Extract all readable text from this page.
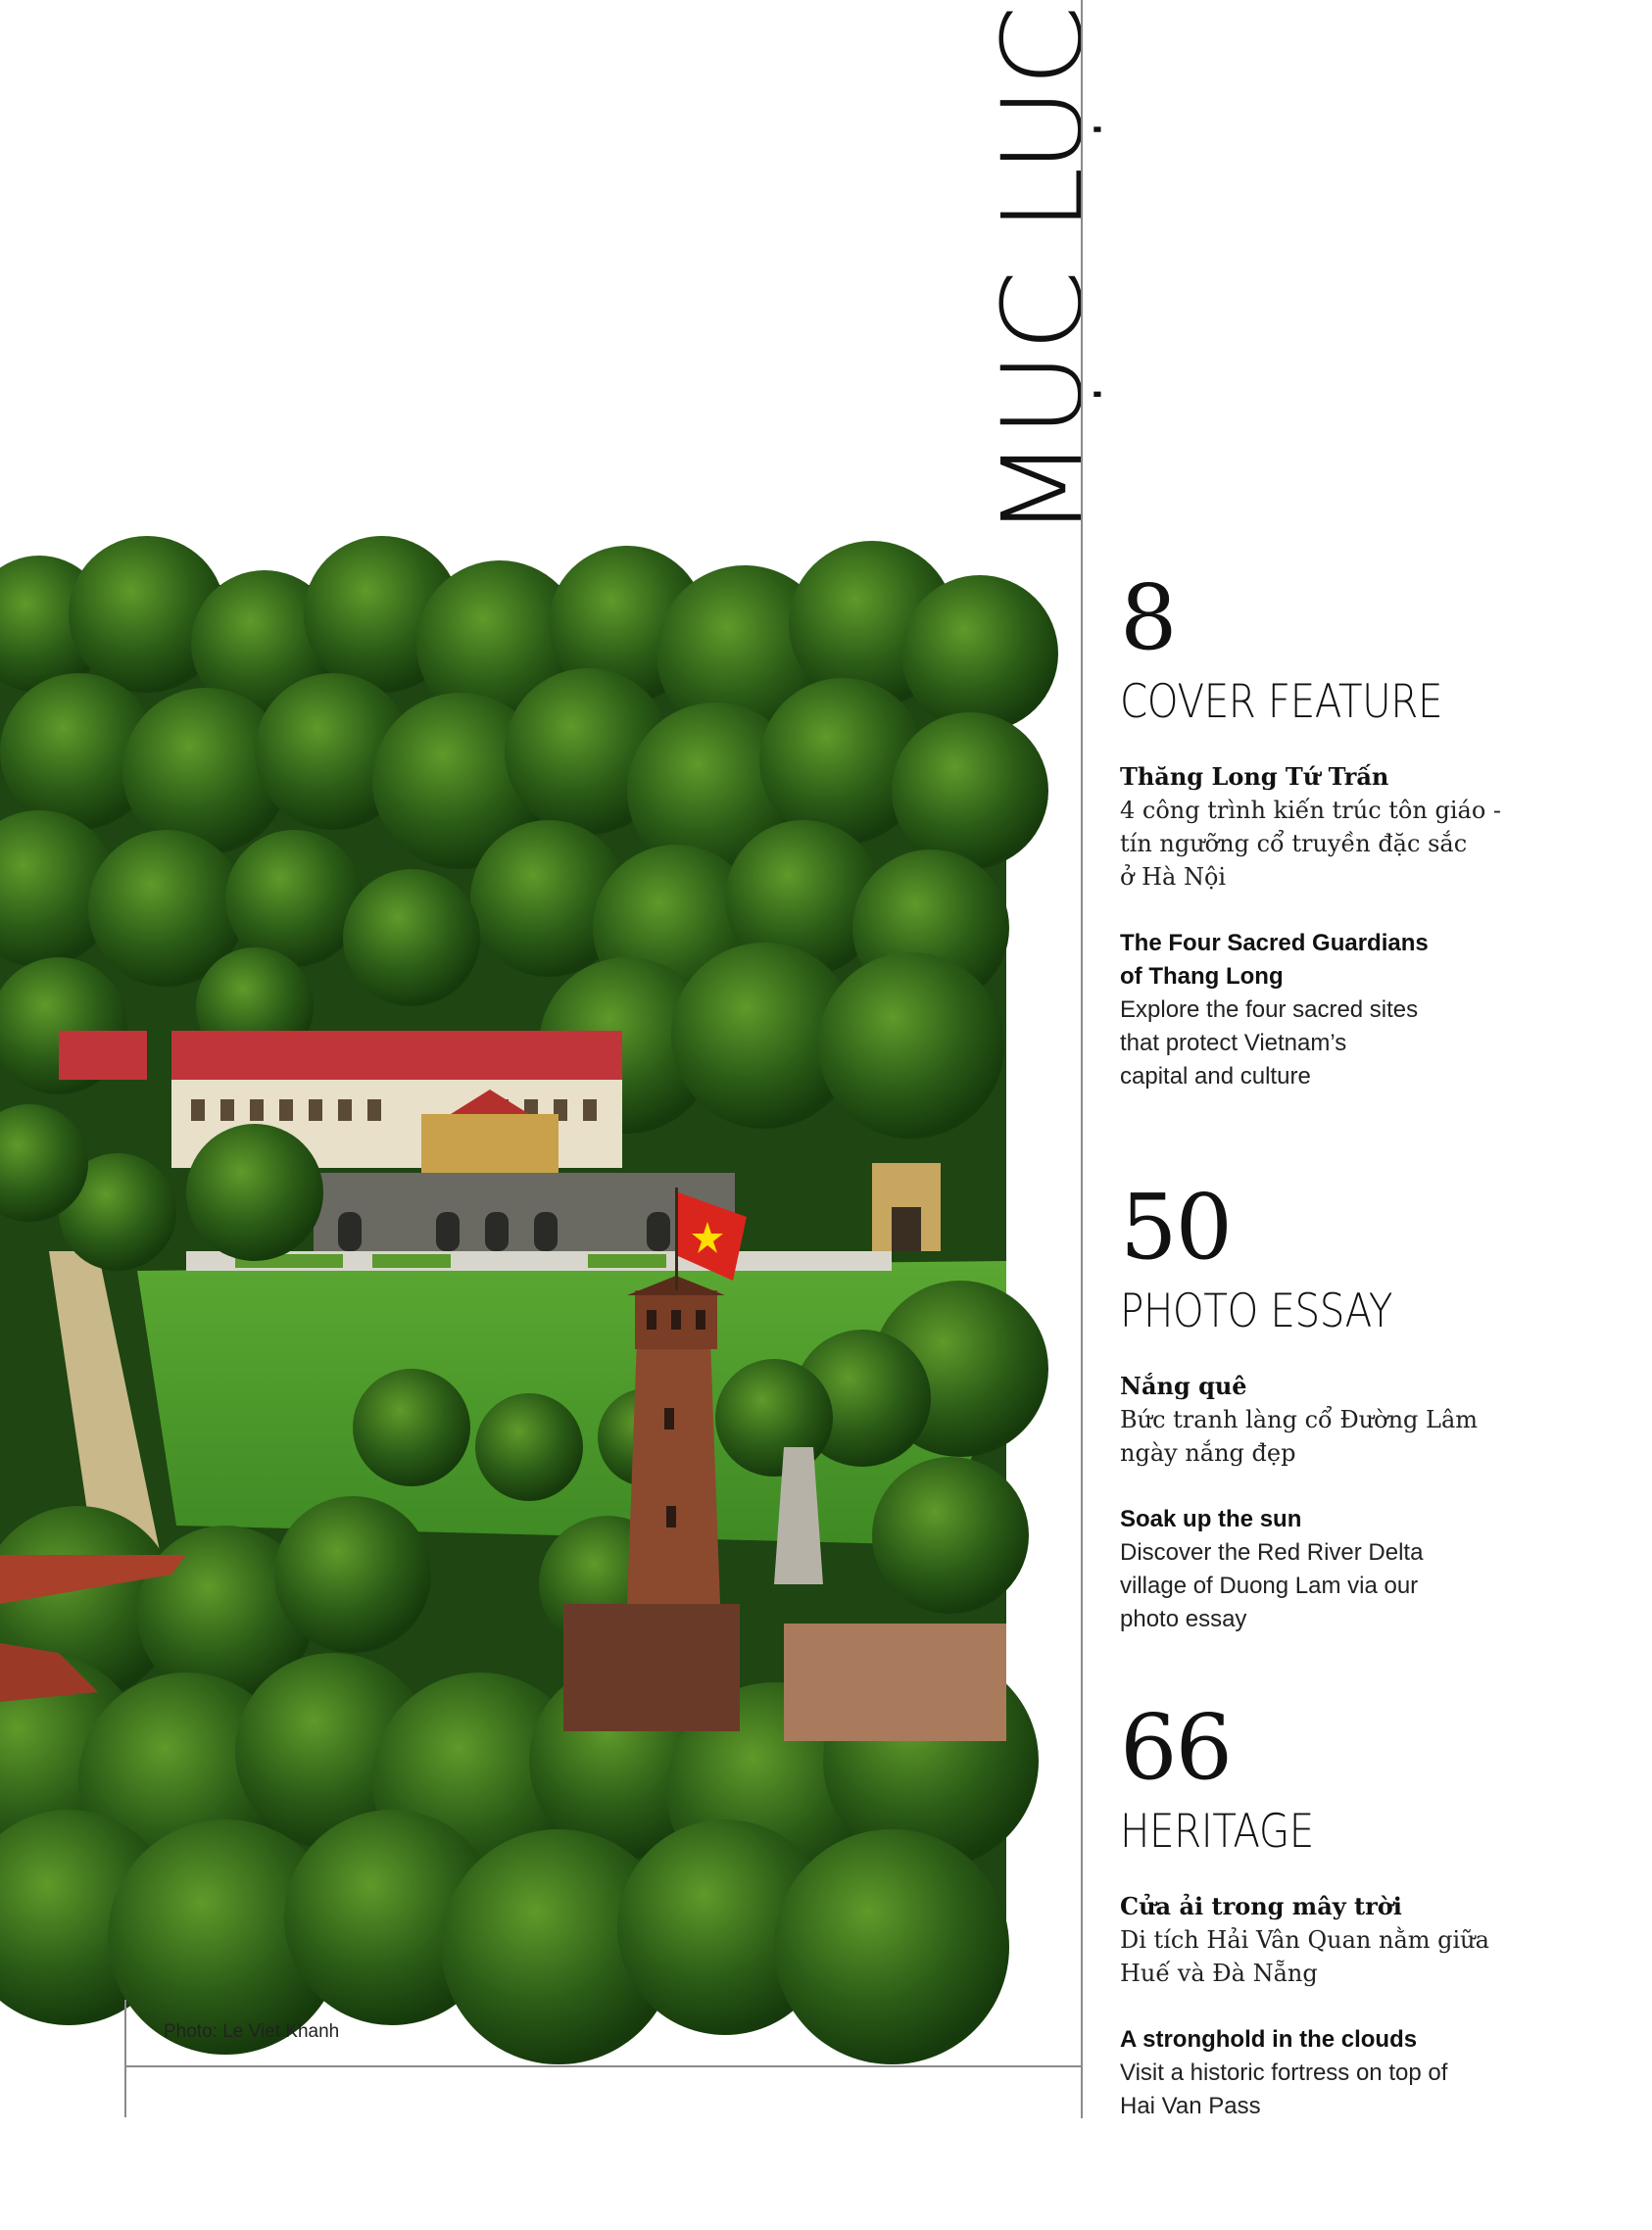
MỤC LỤC
Photo: Le Viet Khanh
8
COVER FEATURE
Thăng Long Tứ Trấn
4 công trình kiến trúc tôn giáo -
tín ngưỡng cổ truyền đặc sắc
ở Hà Nội
The Four Sacred Guardians
of Thang Long
Explore the four sacred sites
that protect Vietnam’s
capital and culture
50
PHOTO ESSAY
Nắng quê
Bức tranh làng cổ Đường Lâm
ngày nắng đẹp
Soak up the sun
Discover the Red River Delta
village of Duong Lam via our
photo essay
66
HERITAGE
Cửa ải trong mây trời
Di tích Hải Vân Quan nằm giữa
Huế và Đà Nẵng
A stronghold in the clouds
Visit a historic fortress on top of
Hai Van Pass
